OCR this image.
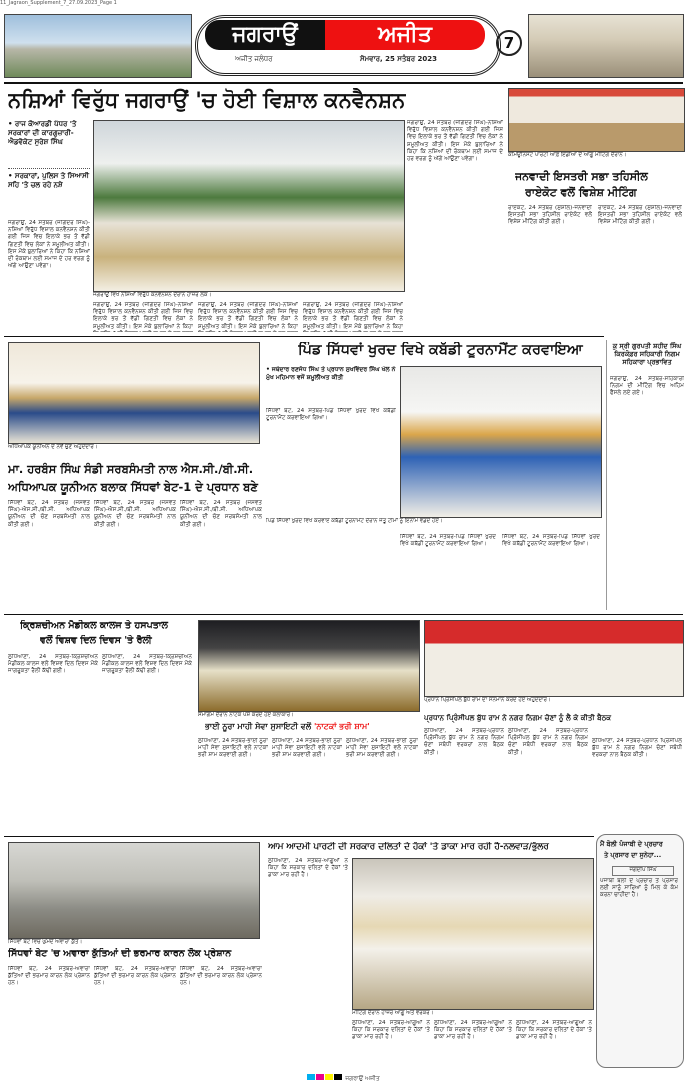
11_Jagraon_Supplement_7_27.09.2023_Page 1
ਜਗਰਾਉਂ	ਅਜੀਤ
ਅਜੀਤ ਜਲੰਧਰ	ਸੋਮਵਾਰ, 25 ਸਤੰਬਰ 2023
7
ਨਸ਼ਿਆਂ ਵਿਰੁੱਧ ਜਗਰਾਉਂ 'ਚ ਹੋਈ ਵਿਸ਼ਾਲ ਕਨਵੈਨਸ਼ਨ
• ਰਾਜ ਕੋਆਰਡੀ ਪੱਧਰ 'ਤੇ ਸਰਕਾਰਾਂ ਦੀ ਕਾਰਗੁਜ਼ਾਰੀ- ਐਡਵੋਕੇਟ ਸੁਰੇਸ਼ ਸਿੰਘ
• ਸਰਕਾਰਾਂ, ਪੁਲਿਸ ਤੇ ਸਿਆਸੀ ਸਹਿ 'ਤੇ ਚਲ ਰਹੇ ਨਸ਼ੇ
ਜਗਰਾਉਂ, 24 ਸਤੰਬਰ (ਜੋਗਿੰਦਰ ਸਿੰਘ)-ਨਸ਼ਿਆਂ ਵਿਰੁੱਧ ਵਿਸ਼ਾਲ ਕਨਵੈਨਸ਼ਨ ਕੀਤੀ ਗਈ ਜਿਸ ਵਿਚ ਇਲਾਕੇ ਭਰ ਤੋਂ ਵੱਡੀ ਗਿਣਤੀ ਵਿਚ ਲੋਕਾਂ ਨੇ ਸ਼ਮੂਲੀਅਤ ਕੀਤੀ। ਇਸ ਮੌਕੇ ਬੁਲਾਰਿਆਂ ਨੇ ਕਿਹਾ ਕਿ ਨਸ਼ਿਆਂ ਦੀ ਰੋਕਥਾਮ ਲਈ ਸਮਾਜ ਦੇ ਹਰ ਵਰਗ ਨੂੰ ਅੱਗੇ ਆਉਣਾ ਪਵੇਗਾ।
ਜਗਰਾਉਂ ਵਿਖੇ ਨਸ਼ਿਆਂ ਵਿਰੁੱਧ ਕਨਵੈਨਸ਼ਨ ਦੌਰਾਨ ਹਾਜ਼ਰ ਲੋਕ।
ਜਗਰਾਉਂ, 24 ਸਤੰਬਰ (ਜੋਗਿੰਦਰ ਸਿੰਘ)-ਨਸ਼ਿਆਂ ਵਿਰੁੱਧ ਵਿਸ਼ਾਲ ਕਨਵੈਨਸ਼ਨ ਕੀਤੀ ਗਈ ਜਿਸ ਵਿਚ ਇਲਾਕੇ ਭਰ ਤੋਂ ਵੱਡੀ ਗਿਣਤੀ ਵਿਚ ਲੋਕਾਂ ਨੇ ਸ਼ਮੂਲੀਅਤ ਕੀਤੀ। ਇਸ ਮੌਕੇ ਬੁਲਾਰਿਆਂ ਨੇ ਕਿਹਾ
ਜਗਰਾਉਂ, 24 ਸਤੰਬਰ (ਜੋਗਿੰਦਰ ਸਿੰਘ)-ਨਸ਼ਿਆਂ ਵਿਰੁੱਧ ਵਿਸ਼ਾਲ ਕਨਵੈਨਸ਼ਨ ਕੀਤੀ ਗਈ ਜਿਸ ਵਿਚ ਇਲਾਕੇ ਭਰ ਤੋਂ ਵੱਡੀ ਗਿਣਤੀ ਵਿਚ ਲੋਕਾਂ ਨੇ ਸ਼ਮੂਲੀਅਤ ਕੀਤੀ। ਇਸ ਮੌਕੇ ਬੁਲਾਰਿਆਂ ਨੇ ਕਿਹਾ
ਜਗਰਾਉਂ, 24 ਸਤੰਬਰ (ਜੋਗਿੰਦਰ ਸਿੰਘ)-ਨਸ਼ਿਆਂ ਵਿਰੁੱਧ ਵਿਸ਼ਾਲ ਕਨਵੈਨਸ਼ਨ ਕੀਤੀ ਗਈ ਜਿਸ ਵਿਚ ਇਲਾਕੇ ਭਰ ਤੋਂ ਵੱਡੀ ਗਿਣਤੀ ਵਿਚ ਲੋਕਾਂ ਨੇ ਸ਼ਮੂਲੀਅਤ ਕੀਤੀ। ਇਸ ਮੌਕੇ ਬੁਲਾਰਿਆਂ ਨੇ ਕਿਹਾ
ਜਗਰਾਉਂ, 24 ਸਤੰਬਰ (ਜੋਗਿੰਦਰ ਸਿੰਘ)-ਨਸ਼ਿਆਂ ਵਿਰੁੱਧ ਵਿਸ਼ਾਲ ਕਨਵੈਨਸ਼ਨ ਕੀਤੀ ਗਈ ਜਿਸ ਵਿਚ ਇਲਾਕੇ ਭਰ ਤੋਂ ਵੱਡੀ ਗਿਣਤੀ ਵਿਚ ਲੋਕਾਂ ਨੇ ਸ਼ਮੂਲੀਅਤ ਕੀਤੀ। ਇਸ ਮੌਕੇ ਬੁਲਾਰਿਆਂ ਨੇ ਕਿਹਾ ਕਿ ਨਸ਼ਿਆਂ ਦੀ ਰੋਕਥਾਮ ਲਈ ਸਮਾਜ ਦੇ ਹਰ ਵਰਗ ਨੂੰ ਅੱਗੇ ਆਉਣਾ ਪਵੇਗਾ।
ਕਮਿਊਨਿਸਟ ਪਾਰਟੀ ਆਫ਼ ਇੰਡੀਆ ਦੇ ਆਗੂ ਮੀਟਿੰਗ ਦੌਰਾਨ।
ਜਨਵਾਦੀ ਇਸਤਰੀ ਸਭਾ ਤਹਿਸੀਲ
ਰਾਏਕੋਟ ਵਲੋਂ ਵਿਸ਼ੇਸ਼ ਮੀਟਿੰਗ
ਰਾਏਕੋਟ, 24 ਸਤੰਬਰ (ਸੁਸ਼ੀਲ)-ਜਨਵਾਦੀ ਇਸਤਰੀ ਸਭਾ ਤਹਿਸੀਲ ਰਾਏਕੋਟ ਵਲੋਂ ਵਿਸ਼ੇਸ਼ ਮੀਟਿੰਗ ਕੀਤੀ ਗਈ।
ਰਾਏਕੋਟ, 24 ਸਤੰਬਰ (ਸੁਸ਼ੀਲ)-ਜਨਵਾਦੀ ਇਸਤਰੀ ਸਭਾ ਤਹਿਸੀਲ ਰਾਏਕੋਟ ਵਲੋਂ ਵਿਸ਼ੇਸ਼ ਮੀਟਿੰਗ ਕੀਤੀ ਗਈ।
ਅਧਿਆਪਕ ਯੂਨੀਅਨ ਦੇ ਨਵੇਂ ਚੁਣੇ ਅਹੁਦੇਦਾਰ।
ਮਾ. ਹਰਬੰਸ ਸਿੰਘ ਸੰਡੀ ਸਰਬਸੰਮਤੀ ਨਾਲ ਐਸ.ਸੀ./ਬੀ.ਸੀ.
ਅਧਿਆਪਕ ਯੂਨੀਅਨ ਬਲਾਕ ਸਿੱਧਵਾਂ ਬੇਟ-1 ਦੇ ਪ੍ਰਧਾਨ ਬਣੇ
ਸਿੱਧਵਾਂ ਬੇਟ, 24 ਸਤੰਬਰ (ਜਸਵੰਤ ਸਿੰਘ)-ਐਸ.ਸੀ./ਬੀ.ਸੀ. ਅਧਿਆਪਕ ਯੂਨੀਅਨ ਦੀ ਚੋਣ ਸਰਬਸੰਮਤੀ ਨਾਲ ਕੀਤੀ ਗਈ।
ਸਿੱਧਵਾਂ ਬੇਟ, 24 ਸਤੰਬਰ (ਜਸਵੰਤ ਸਿੰਘ)-ਐਸ.ਸੀ./ਬੀ.ਸੀ. ਅਧਿਆਪਕ ਯੂਨੀਅਨ ਦੀ ਚੋਣ ਸਰਬਸੰਮਤੀ ਨਾਲ ਕੀਤੀ ਗਈ।
ਸਿੱਧਵਾਂ ਬੇਟ, 24 ਸਤੰਬਰ (ਜਸਵੰਤ ਸਿੰਘ)-ਐਸ.ਸੀ./ਬੀ.ਸੀ. ਅਧਿਆਪਕ ਯੂਨੀਅਨ ਦੀ ਚੋਣ ਸਰਬਸੰਮਤੀ ਨਾਲ ਕੀਤੀ ਗਈ।
ਪਿੰਡ ਸਿੱਧਵਾਂ ਖੁਰਦ ਵਿਖੇ ਕਬੱਡੀ ਟੂਰਨਾਮੈਂਟ ਕਰਵਾਇਆ
• ਜਥੇਦਾਰ ਰਣਜੋਧ ਸਿੰਘ ਤੇ ਪ੍ਰਧਾਨ ਸੁਖਵਿੰਦਰ ਸਿੰਘ ਖੇਲ ਨੇ ਮੁੱਖ ਮਹਿਮਾਨ ਵਜੋਂ ਸ਼ਮੂਲੀਅਤ ਕੀਤੀ
ਸਿੱਧਵਾਂ ਬੇਟ, 24 ਸਤੰਬਰ-ਪਿੰਡ ਸਿੱਧਵਾਂ ਖੁਰਦ ਵਿਖੇ ਕਬੱਡੀ ਟੂਰਨਾਮੈਂਟ ਕਰਵਾਇਆ ਗਿਆ।
ਪਿੰਡ ਸਿੱਧਵਾਂ ਖੁਰਦ ਵਿਖੇ ਕਰਵਾਏ ਕਬੱਡੀ ਟੂਰਨਾਮੈਂਟ ਦੌਰਾਨ ਜੇਤੂ ਟੀਮਾਂ ਨੂੰ ਇਨਾਮ ਵੰਡਦੇ ਹੋਏ।
ਸਿੱਧਵਾਂ ਬੇਟ, 24 ਸਤੰਬਰ-ਪਿੰਡ ਸਿੱਧਵਾਂ ਖੁਰਦ ਵਿਖੇ ਕਬੱਡੀ ਟੂਰਨਾਮੈਂਟ ਕਰਵਾਇਆ ਗਿਆ।
ਸਿੱਧਵਾਂ ਬੇਟ, 24 ਸਤੰਬਰ-ਪਿੰਡ ਸਿੱਧਵਾਂ ਖੁਰਦ ਵਿਖੇ ਕਬੱਡੀ ਟੂਰਨਾਮੈਂਟ ਕਰਵਾਇਆ ਗਿਆ।
ਕੁ ਸ੍ਰੀ ਗੁਰਪਤੀ ਸ਼ਹੀਦ ਸਿੰਘ ਕਿਰਕੋਫ਼ਰ ਸਹਿਕਾਰੀ ਨਿਗਮ ਸਹਿਕਾਰਾ ਪ੍ਰਭਾਵਿਤ
ਜਗਰਾਉਂ, 24 ਸਤੰਬਰ-ਸਹਿਕਾਰੀ ਨਿਗਮ ਦੀ ਮੀਟਿੰਗ ਵਿਚ ਅਹਿਮ ਫੈਸਲੇ ਲਏ ਗਏ।
ਕ੍ਰਿਸ਼ਚੀਅਨ ਮੈਡੀਕਲ ਕਾਲਜ ਤੇ ਹਸਪਤਾਲ
ਵਲੋਂ ਵਿਸ਼ਵ ਦਿਲ ਦਿਵਸ 'ਤੇ ਰੈਲੀ
ਲੁਧਿਆਣਾ, 24 ਸਤੰਬਰ-ਕ੍ਰਿਸ਼ਚੀਅਨ ਮੈਡੀਕਲ ਕਾਲਜ ਵਲੋਂ ਵਿਸ਼ਵ ਦਿਲ ਦਿਵਸ ਮੌਕੇ ਜਾਗਰੂਕਤਾ ਰੈਲੀ ਕੱਢੀ ਗਈ।
ਲੁਧਿਆਣਾ, 24 ਸਤੰਬਰ-ਕ੍ਰਿਸ਼ਚੀਅਨ ਮੈਡੀਕਲ ਕਾਲਜ ਵਲੋਂ ਵਿਸ਼ਵ ਦਿਲ ਦਿਵਸ ਮੌਕੇ ਜਾਗਰੂਕਤਾ ਰੈਲੀ ਕੱਢੀ ਗਈ।
ਸਮਾਗਮ ਦੌਰਾਨ ਨਾਟਕ ਪੇਸ਼ ਕਰਦੇ ਹੋਏ ਕਲਾਕਾਰ।
ਭਾਈ ਨੂਰਾ ਮਾਹੀ ਸੇਵਾ ਸੁਸਾਇਟੀ ਵਲੋਂ 'ਨਾਟਕਾਂ ਭਰੀ ਸ਼ਾਮ'
ਲੁਧਿਆਣਾ, 24 ਸਤੰਬਰ-ਭਾਈ ਨੂਰਾ ਮਾਹੀ ਸੇਵਾ ਸੁਸਾਇਟੀ ਵਲੋਂ ਨਾਟਕਾਂ ਭਰੀ ਸ਼ਾਮ ਕਰਵਾਈ ਗਈ।
ਲੁਧਿਆਣਾ, 24 ਸਤੰਬਰ-ਭਾਈ ਨੂਰਾ ਮਾਹੀ ਸੇਵਾ ਸੁਸਾਇਟੀ ਵਲੋਂ ਨਾਟਕਾਂ ਭਰੀ ਸ਼ਾਮ ਕਰਵਾਈ ਗਈ।
ਲੁਧਿਆਣਾ, 24 ਸਤੰਬਰ-ਭਾਈ ਨੂਰਾ ਮਾਹੀ ਸੇਵਾ ਸੁਸਾਇਟੀ ਵਲੋਂ ਨਾਟਕਾਂ ਭਰੀ ਸ਼ਾਮ ਕਰਵਾਈ ਗਈ।
ਪ੍ਰਧਾਨ ਪ੍ਰਿੰਸੀਪਲ ਬੁੱਧ ਰਾਮ ਦਾ ਸਨਮਾਨ ਕਰਦੇ ਹੋਏ ਅਹੁਦੇਦਾਰ।
ਪ੍ਰਧਾਨ ਪ੍ਰਿੰਸੀਪਲ ਬੁੱਧ ਰਾਮ ਨੇ ਨਗਰ ਨਿਗਮ ਚੋਣਾਂ ਨੂੰ ਲੈ ਕੇ ਕੀਤੀ ਬੈਠਕ
ਲੁਧਿਆਣਾ, 24 ਸਤੰਬਰ-ਪ੍ਰਧਾਨ ਪ੍ਰਿੰਸੀਪਲ ਬੁੱਧ ਰਾਮ ਨੇ ਨਗਰ ਨਿਗਮ ਚੋਣਾਂ ਸਬੰਧੀ ਵਰਕਰਾਂ ਨਾਲ ਬੈਠਕ ਕੀਤੀ।
ਲੁਧਿਆਣਾ, 24 ਸਤੰਬਰ-ਪ੍ਰਧਾਨ ਪ੍ਰਿੰਸੀਪਲ ਬੁੱਧ ਰਾਮ ਨੇ ਨਗਰ ਨਿਗਮ ਚੋਣਾਂ ਸਬੰਧੀ ਵਰਕਰਾਂ ਨਾਲ ਬੈਠਕ ਕੀਤੀ।
ਲੁਧਿਆਣਾ, 24 ਸਤੰਬਰ-ਪ੍ਰਧਾਨ ਪ੍ਰਿੰਸੀਪਲ ਬੁੱਧ ਰਾਮ ਨੇ ਨਗਰ ਨਿਗਮ ਚੋਣਾਂ ਸਬੰਧੀ ਵਰਕਰਾਂ ਨਾਲ ਬੈਠਕ ਕੀਤੀ।
ਮੈਂ ਬੋਲੀ ਪੰਜਾਬੀ ਦੇ ਪ੍ਰਚਾਰ
ਤੇ ਪ੍ਰਸਾਰ ਦਾ ਸੁਨੇਹਾ...
ਜਗਦੀਪ ਸਿੰਘ
ਪੰਜਾਬੀ ਬੋਲੀ ਦੇ ਪ੍ਰਚਾਰ ਤੇ ਪ੍ਰਸਾਰ ਲਈ ਸਾਨੂੰ ਸਾਰਿਆਂ ਨੂੰ ਮਿਲ ਕੇ ਕੰਮ ਕਰਨਾ ਚਾਹੀਦਾ ਹੈ।
ਸਿੱਧਵਾਂ ਬੇਟ ਵਿਚ ਘੁੰਮਦੇ ਅਵਾਰਾ ਕੁੱਤੇ।
ਸਿੱਧਵਾਂ ਬੇਟ 'ਚ ਅਵਾਰਾ ਕੁੱਤਿਆਂ ਦੀ ਭਰਮਾਰ ਕਾਰਨ ਲੋਕ ਪ੍ਰੇਸ਼ਾਨ
ਸਿੱਧਵਾਂ ਬੇਟ, 24 ਸਤੰਬਰ-ਅਵਾਰਾ ਕੁੱਤਿਆਂ ਦੀ ਭਰਮਾਰ ਕਾਰਨ ਲੋਕ ਪ੍ਰੇਸ਼ਾਨ ਹਨ।
ਸਿੱਧਵਾਂ ਬੇਟ, 24 ਸਤੰਬਰ-ਅਵਾਰਾ ਕੁੱਤਿਆਂ ਦੀ ਭਰਮਾਰ ਕਾਰਨ ਲੋਕ ਪ੍ਰੇਸ਼ਾਨ ਹਨ।
ਸਿੱਧਵਾਂ ਬੇਟ, 24 ਸਤੰਬਰ-ਅਵਾਰਾ ਕੁੱਤਿਆਂ ਦੀ ਭਰਮਾਰ ਕਾਰਨ ਲੋਕ ਪ੍ਰੇਸ਼ਾਨ ਹਨ।
ਆਮ ਆਦਮੀ ਪਾਰਟੀ ਦੀ ਸਰਕਾਰ ਦਲਿਤਾਂ ਦੇ ਹੱਕਾਂ 'ਤੇ ਡਾਕਾ ਮਾਰ ਰਹੀ ਹੈ-ਨਲਵਾੜ/ਭੁੱਲਰ
ਲੁਧਿਆਣਾ, 24 ਸਤੰਬਰ-ਆਗੂਆਂ ਨੇ ਕਿਹਾ ਕਿ ਸਰਕਾਰ ਦਲਿਤਾਂ ਦੇ ਹੱਕਾਂ 'ਤੇ ਡਾਕਾ ਮਾਰ ਰਹੀ ਹੈ।
ਮੀਟਿੰਗ ਦੌਰਾਨ ਹਾਜ਼ਰ ਆਗੂ ਅਤੇ ਵਰਕਰ।
ਲੁਧਿਆਣਾ, 24 ਸਤੰਬਰ-ਆਗੂਆਂ ਨੇ ਕਿਹਾ ਕਿ ਸਰਕਾਰ ਦਲਿਤਾਂ ਦੇ ਹੱਕਾਂ 'ਤੇ ਡਾਕਾ ਮਾਰ ਰਹੀ ਹੈ।
ਲੁਧਿਆਣਾ, 24 ਸਤੰਬਰ-ਆਗੂਆਂ ਨੇ ਕਿਹਾ ਕਿ ਸਰਕਾਰ ਦਲਿਤਾਂ ਦੇ ਹੱਕਾਂ 'ਤੇ ਡਾਕਾ ਮਾਰ ਰਹੀ ਹੈ।
ਲੁਧਿਆਣਾ, 24 ਸਤੰਬਰ-ਆਗੂਆਂ ਨੇ ਕਿਹਾ ਕਿ ਸਰਕਾਰ ਦਲਿਤਾਂ ਦੇ ਹੱਕਾਂ 'ਤੇ ਡਾਕਾ ਮਾਰ ਰਹੀ ਹੈ।
ਜਗਰਾਉਂ ਅਜੀਤ
